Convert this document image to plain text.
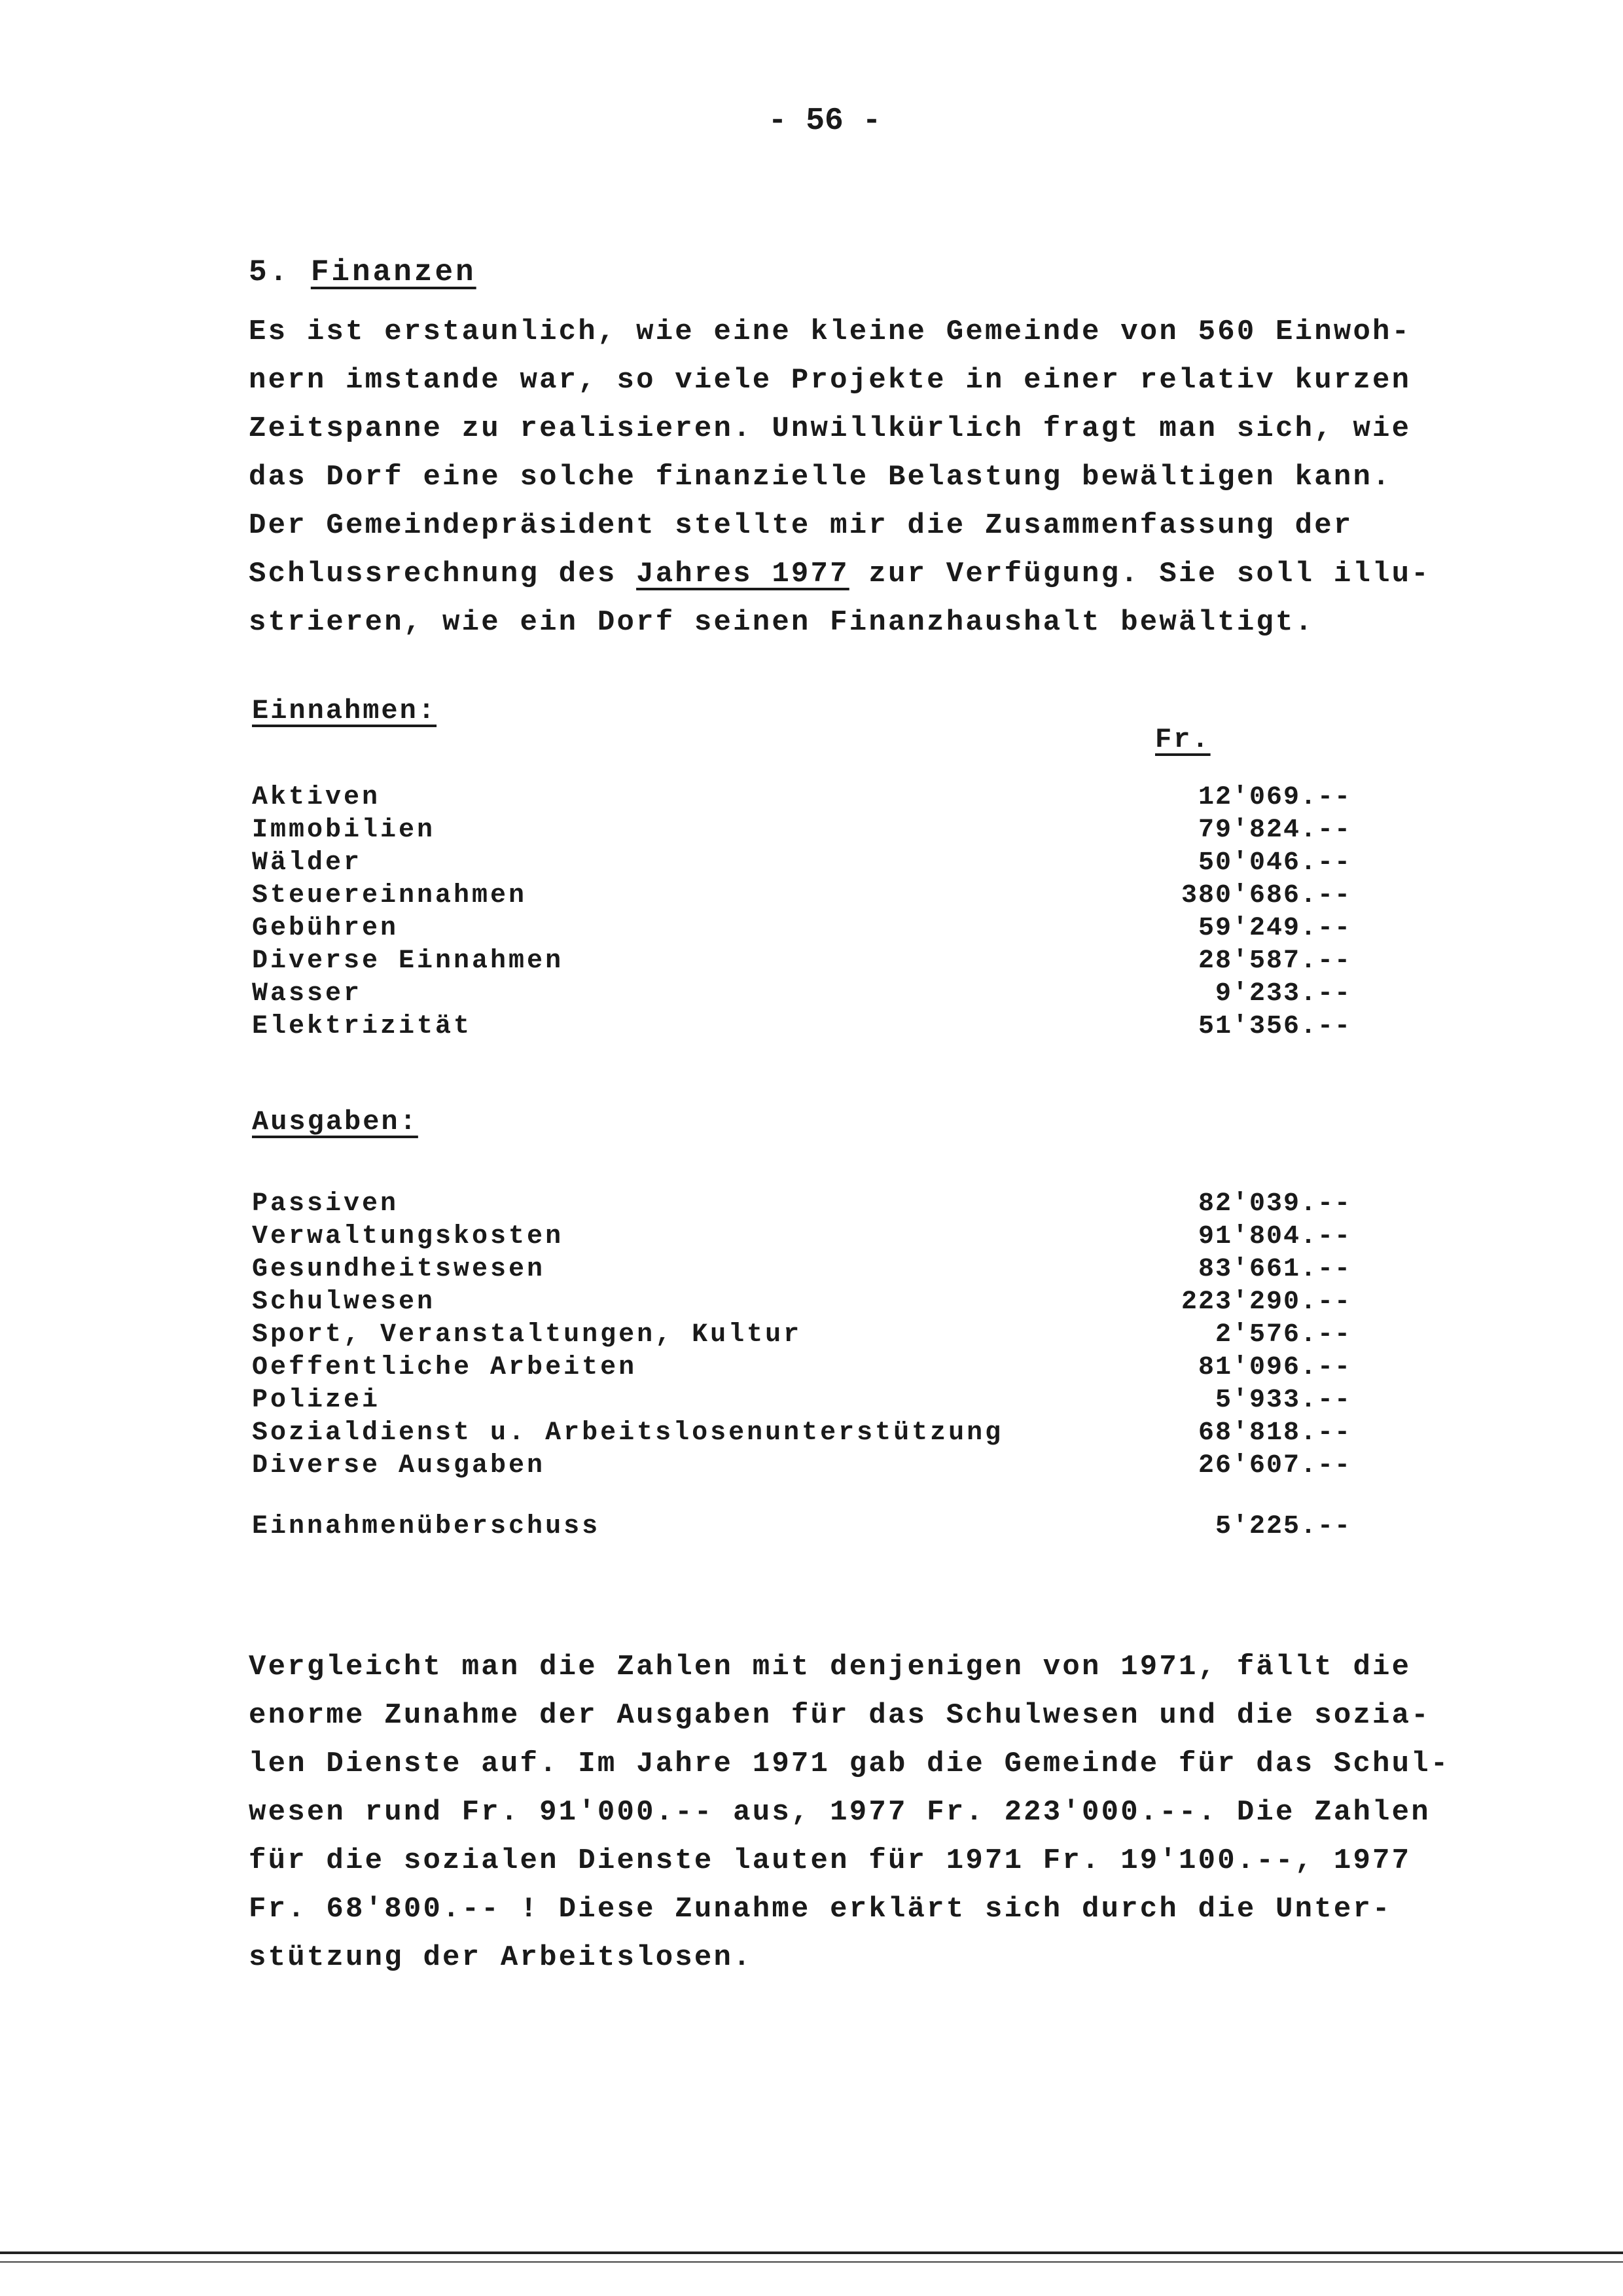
- 56 -
5. Finanzen
Es ist erstaunlich, wie eine kleine Gemeinde von 560 Einwoh-
nern imstande war, so viele Projekte in einer relativ kurzen
Zeitspanne zu realisieren. Unwillkürlich fragt man sich, wie
das Dorf eine solche finanzielle Belastung bewältigen kann.
Der Gemeindepräsident stellte mir die Zusammenfassung der
Schlussrechnung des Jahres 1977 zur Verfügung. Sie soll illu-
strieren, wie ein Dorf seinen Finanzhaushalt bewältigt.
Einnahmen:
Fr.
Aktiven	12'069.--
Immobilien	79'824.--
Wälder	50'046.--
Steuereinnahmen	380'686.--
Gebühren	59'249.--
Diverse Einnahmen	28'587.--
Wasser	9'233.--
Elektrizität	51'356.--
Ausgaben:
Passiven	82'039.--
Verwaltungskosten	91'804.--
Gesundheitswesen	83'661.--
Schulwesen	223'290.--
Sport, Veranstaltungen, Kultur	2'576.--
Oeffentliche Arbeiten	81'096.--
Polizei	5'933.--
Sozialdienst u. Arbeitslosenunterstützung	68'818.--
Diverse Ausgaben	26'607.--
Einnahmenüberschuss	5'225.--
Vergleicht man die Zahlen mit denjenigen von 1971, fällt die
enorme Zunahme der Ausgaben für das Schulwesen und die sozia-
len Dienste auf. Im Jahre 1971 gab die Gemeinde für das Schul-
wesen rund Fr. 91'000.-- aus, 1977 Fr. 223'000.--. Die Zahlen
für die sozialen Dienste lauten für 1971 Fr. 19'100.--, 1977
Fr. 68'800.-- ! Diese Zunahme erklärt sich durch die Unter-
stützung der Arbeitslosen.
